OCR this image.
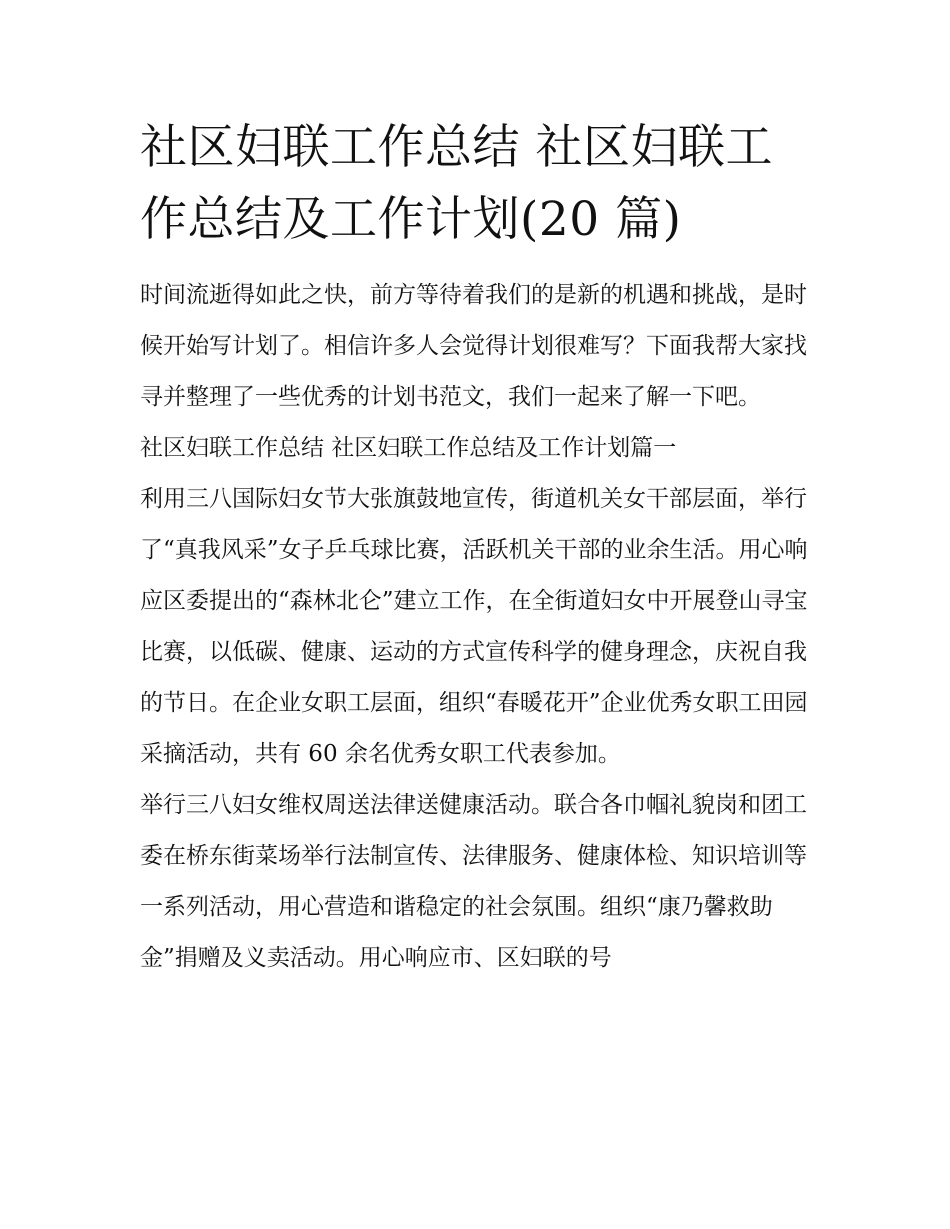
社区妇联工作总结 社区妇联工作总结及工作计划(20 篇)

时间流逝得如此之快，前方等待着我们的是新的机遇和挑战，是时候开始写计划了。相信许多人会觉得计划很难写？下面我帮大家找寻并整理了一些优秀的计划书范文，我们一起来了解一下吧。

社区妇联工作总结 社区妇联工作总结及工作计划篇一

利用三八国际妇女节大张旗鼓地宣传，街道机关女干部层面，举行了“真我风采”女子乒乓球比赛，活跃机关干部的业余生活。用心响应区委提出的“森林北仑”建立工作，在全街道妇女中开展登山寻宝比赛，以低碳、健康、运动的方式宣传科学的健身理念，庆祝自我的节日。在企业女职工层面，组织“春暖花开”企业优秀女职工田园采摘活动，共有 60 余名优秀女职工代表参加。

举行三八妇女维权周送法律送健康活动。联合各巾帼礼貌岗和团工委在桥东街菜场举行法制宣传、法律服务、健康体检、知识培训等一系列活动，用心营造和谐稳定的社会氛围。组织“康乃馨救助金”捐赠及义卖活动。用心响应市、区妇联的号
